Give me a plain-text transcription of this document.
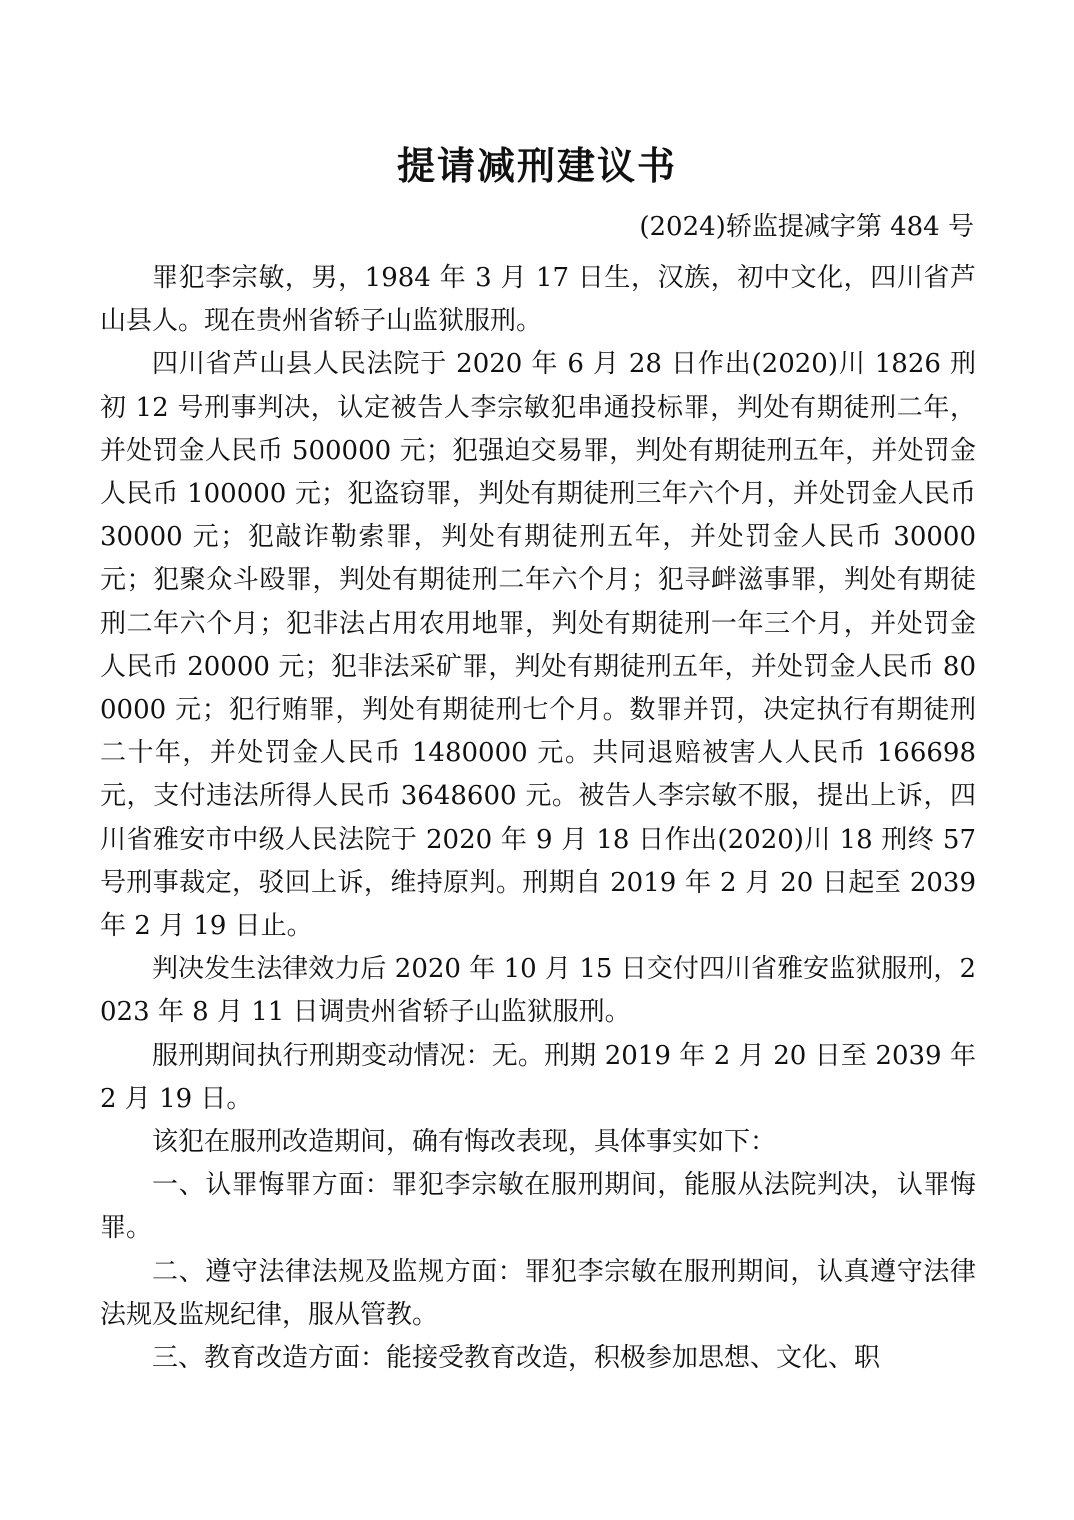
提请减刑建议书
(2024)轿监提减字第 484 号

罪犯李宗敏，男，1984 年 3 月 17 日生，汉族，初中文化，四川省芦山县人。现在贵州省轿子山监狱服刑。

四川省芦山县人民法院于 2020 年 6 月 28 日作出(2020)川 1826 刑初 12 号刑事判决，认定被告人李宗敏犯串通投标罪，判处有期徒刑二年，并处罚金人民币 500000 元；犯强迫交易罪，判处有期徒刑五年，并处罚金人民币 100000 元；犯盗窃罪，判处有期徒刑三年六个月，并处罚金人民币 30000 元；犯敲诈勒索罪，判处有期徒刑五年，并处罚金人民币 30000 元；犯聚众斗殴罪，判处有期徒刑二年六个月；犯寻衅滋事罪，判处有期徒刑二年六个月；犯非法占用农用地罪，判处有期徒刑一年三个月，并处罚金人民币 20000 元；犯非法采矿罪，判处有期徒刑五年，并处罚金人民币 800000 元；犯行贿罪，判处有期徒刑七个月。数罪并罚，决定执行有期徒刑二十年，并处罚金人民币 1480000 元。共同退赔被害人人民币 166698 元，支付违法所得人民币 3648600 元。被告人李宗敏不服，提出上诉，四川省雅安市中级人民法院于 2020 年 9 月 18 日作出(2020)川 18 刑终 57 号刑事裁定，驳回上诉，维持原判。刑期自 2019 年 2 月 20 日起至 2039 年 2 月 19 日止。

判决发生法律效力后 2020 年 10 月 15 日交付四川省雅安监狱服刑，2023 年 8 月 11 日调贵州省轿子山监狱服刑。

服刑期间执行刑期变动情况：无。刑期 2019 年 2 月 20 日至 2039 年 2 月 19 日。

该犯在服刑改造期间，确有悔改表现，具体事实如下：

一、认罪悔罪方面：罪犯李宗敏在服刑期间，能服从法院判决，认罪悔罪。

二、遵守法律法规及监规方面：罪犯李宗敏在服刑期间，认真遵守法律法规及监规纪律，服从管教。

三、教育改造方面：能接受教育改造，积极参加思想、文化、职
